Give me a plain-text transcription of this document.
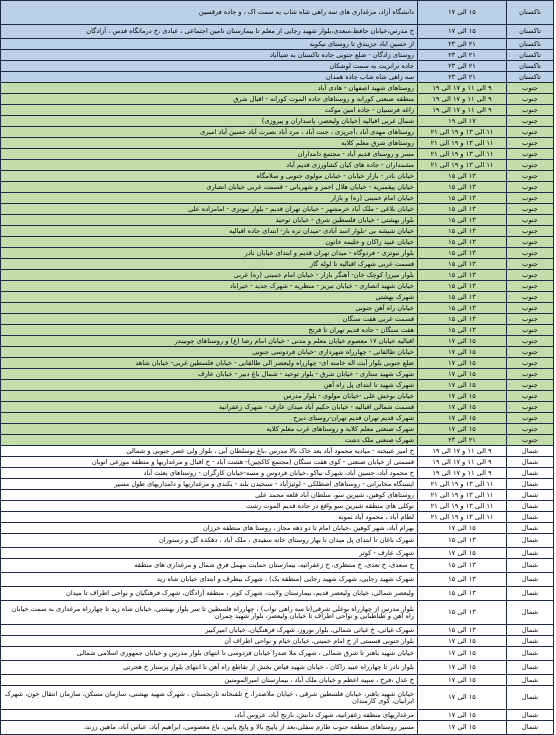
تاکستان	۱۵ الی ۱۷	دانشگاه آزاد، مرغداری های سه راهی شاه شاب به سمت اک ، و جاده فرقسین
تاکستان	۱۵ الی ۱۷	خ مدرس،خیابان حافظ،سعدی،بلوار شهید رجایی از معلم تا بیمارستان تامین اجتماعی ، عبادی ،خ درمانگاه قدس ، آزادگان
تاکستان	۲۱ الی ۲۳	از حسین اباد جزیندق تا روستای نیکویه
تاکستان	۲۱ الی ۲۳	روستای زادگان - ضلع جنوبی جاده تاکستان به ضیاآباد
تاکستان	۲۱ الی ۲۳	جاده ترانزیت به سمت لوشکان
تاکستان	۲۱ الی ۲۳	سه راهی شاه شاب جاده همدان
جنوب	۹ الی ۱۱ و ۱۷ الی ۱۹	روستاهای شهید اصفهان - هادی آباد
جنوب	۹ الی ۱۱ و ۱۷ الی ۱۹	منطقه صنعتی کورانه و روستاهای جاده الموت کورانه - اقبال شرق
جنوب	۹ الی ۱۱ و ۱۷ الی ۱۹	زاغه فرنسیان - جاده امین موکت
جنوب	۱۷ الی ۱۹	شمال غربی اقبالیه (خیابان ولیعصر، پاسداران و پیروزی)
جنوب	۱۱ الی ۱۳ و ۱۹ الی ۲۱	روستاهای مهدی آباد ،آجرپزی ، جنت آباد ، مرد آباد نصرت آباد حسین آباد امیری
جنوب	۱۱ الی ۱۳ و ۱۹ الی ۲۱	روستاهای شرق معلم کلایه
جنوب	۱۱ الی ۱۳ و ۱۹ الی ۲۱	مسر و روستای قدیم آباد - مجتمع دامداران
جنوب	۱۱ الی ۱۳ و ۱۹ الی ۲۱	مشمداران - جاده های کیان کشاورزی قدیم آباد
جنوب	۱۳ الی ۱۵	خیابان نادر - بازار خیابان - خیابان مولوی جنوبی و سلامگاه
جنوب	۱۳ الی ۱۵	خیابان پیغمبریه - خیابان هلال احمر و شهربانی - قسمت غربی خیابان انصاری
جنوب	۱۳ الی ۱۵	خیابان امام خمینی (ره) و بازار
جنوب	۱۳ الی ۱۵	خیابان بلاغی - ملک آباد خرمشهر - خیابان تهران قدیم - بلوار نبوتزی - امامزاده علی
جنوب	۱۳ الی ۱۵	بلوار بهشتی - خیابان فلسطین شرق - خیابان توحید
جنوب	۱۳ الی ۱۵	خیابان شیشه بی -بلوار اسد آبادی -میدان تره بار- ابتدای جاده اقبالیه
جنوب	۱۳ الی ۱۵	خیابان عبید زاکان و حلیمه خاتون
جنوب	۱۳ الی ۱۵	بلوار نبوتزی - فردوگاه - میدان تهران قدیم و ابتدای خیابان نادر
جنوب	۱۳ الی ۱۵	قسمت غربی شهرک اقبالیه تا لوله گاز
جنوب	۱۳ الی ۱۵	بلوار میرزا کوچک خان- آهنگر بازار - خیابان امام خمینی (ره) غربی
جنوب	۱۳ الی ۱۵	خیابان شهید انصاری - خیابان تبریز - منظریه - شهرک جدید - خیراباد
جنوب	۱۳ الی ۱۵	شهرک بهشتی
جنوب	۱۳ الی ۱۵	خیابان راه آهن جنوبی
جنوب	۱۳ الی ۱۵	قسمت غربی هفت سنگان
جنوب	۱۳ الی ۱۵	هفت سنگان - جاده قدیم تهران تا فرتخ
جنوب	۱۵ الی ۱۷	اقبالیه خیابان ۱۷ معصوم خیابان معلم و مدنی - خیابان امام رضا (ع) و روستاهای چوبیندر
جنوب	۱۵ الی ۱۷	خیابان طالقانی - چهارراه شهرداری -خیابان فردوسی جنوبی
جنوب	۱۵ الی ۱۷	ضلع جنوبی بلوار آیت اله خامنه ای- چهارراه ولیعصر الی طالقانی - خیابان فلسطین غربی- خیابان شاهد
جنوب	۱۵ الی ۱۷	شهرک شهید ستاری - خیابان شرق - بلوار توحید - شمال باغ دبیر - خیابان عارف
جنوب	۱۵ الی ۱۷	شهرک شهید تا ابتدای پل راه آهن
جنوب	۱۵ الی ۱۷	خیابان نوحش علی -خیابان مولوی - بلوار مدرس
جنوب	۱۵ الی ۱۷	قسمت شمالی اقبالیه - خیابان حکیم آباد میدان عارف - شهرک زعفرانیه
جنوب	۱۵ الی ۱۷	شهرک قدیم تهران قدیم تهران-روستای دیزج
جنوب	۱۵ الی ۱۷	شهرک صنعتی معلم کلایه و روستاهای غرب معلم کلایه
جنوب	۲۱ الی ۲۳	شهرک صنعتی ملک دشت
شمال	۹ الی ۱۱ و ۱۷ الی ۱۹	خ امیر عبیخته - میادیه محمود آباد بعد خاک بالا مدرس ،باغ نوسلطان آبی ، بلوار ولی عصر جنوبی و شمالی
شمال	۹ الی ۱۱ و ۱۷ الی ۱۹	قسمتی از خیابان صنعتی - کوی هفت سنگان (مجتمع کاکچین)- هشت آباد - خ اقبال و مرغداریها و منطقه موزعی اتوبان
شمال	۹ الی ۱۱ و ۱۷ الی ۱۹	خ محمود آباد، حسین آباد، شهرک نیاکو ،خیابان فردوس و مسه-خیابان کارگران - روستاهای بعثت آباد
شمال	۱۱ الی ۱۳ و ۱۹ الی ۲۱	ایستگاه مخابراتی - روستاهای اصطلکی - لوئیزآباد - سنجیدن بلند - یکندی و مرغداریها و دامداریهای طول مسیر
شمال	۱۱ الی ۱۳ و ۱۹ الی ۲۱	روستاهای کوهین، شیرین سو، سلطان آباد قلعه محمد علی
شمال	۱۱ الی ۱۳ و ۱۹ الی ۲۱	توکلی های منطقه شیرین سو واقع در جاده قدیم الموت رشت
شمال	۱۱ الی ۱۳ و ۱۹ الی ۲۱	لطام آباد ، محمود آباد نمونه
شمال	۱۵ الی ۱۷	بهرام آباد، شهر کوهین ،خیابان امام تا دو دهه مجاز ، روستا های منطقه خرزان
شمال	۱۳ الی ۱۵	شهرک باغان تا ابتدای پل میدان تا بهار روستای خانه سفیدی ، ملک آباد ، دهکده گل و رستوران
شمال	۱۵ الی ۱۷	شهرک عارف - کوثر
شمال	۱۳ الی ۱۵	خ سعدی، خ تعدی، خ منتظری، خ زعفرانیه، بیمارستان حمایت مهمل فرق شمال و مرغداری های منطقه
شمال	۱۳ الی ۱۵	شهرک شهید رجایی، شهرک شهید رجایی (منطقه یک) ، شهرک بیطرف و ابتدای خیابان شاه زید
شمال	۱۳ الی ۱۵	ولیعصر شمالی، خیابان ولیعصر قدیم، بیمارستان ولایت، شهرک کوثر ، منطقه آزادگان، شهرک فرهنگیان و نواحی اطراف تا میدان
شمال	۱۳ الی ۱۵	بلوار مدرس از چهارراه بوعلی شرقی(تا سه راهی نواب) ، چهارراه فلسطین تا سر بلوار بهشتی، خیابان شاه زید تا چهارراه مرغداری به سمت خیابان راه آهن و طباطبایی و نواحی اطراف تا خیابان ولیعصر، بلوار شهید چمران
شمال	۱۳ الی ۱۵	شهرک غیاثی، خ غیاثی شمالی، بلوار نوروز، شهرک فرهنگیان، خیابان امیرکبیر
شمال	۱۵ الی ۱۷	بلوار جنوبی قسمتی از خ امام خمینی، خیابان خیام و نواحی اطراف آن
شمال	۱۵ الی ۱۷	خیابان شهید باهنر تا شرق شمالی ، شهرک ملا صدرا خیابان فردوسی تا انتهای بلوار مدرس و خیابان جمهوری اسلامی شمالی
شمال	۱۵ الی ۱۷	بلوار نادر تا چهارراه عبید زاکان ، خیابان شهید فیاض بخش از تقاطع راه آهن تا انتهای بلوار پرستار خ هجرتی
شمال	۱۵ الی ۱۷	خ عدل ،فرخ ، سپیه اعظم و خیابان ملک آباد ، بیمارستان امیرالمومنین
شمال	۱۵ الی ۱۷	خیابان شهید باهنر، خیابان فلسطین شرقی ، خیابان ملاصدرا، خ تلفنخانه نارنجستان ، شهرک شهید بهشتی، سازمان مسکن، سازمان انتقال خون، شهرک ایرانیان، کوی کارمندان
شمال	۱۵ الی ۱۷	مرغداریهای منطقه زعفرانیه، شهرک دانش، نارنج آباد، عروس آباد،
شمال	۱۵ الی ۱۷	مسیر روستاهای منطقه جنوب طارم سفلی،بعد از پاپیج بالا و پاپج پایین، باغ معصومی، ابراهیم آباد، عباس آباد، ماهین زرند،
